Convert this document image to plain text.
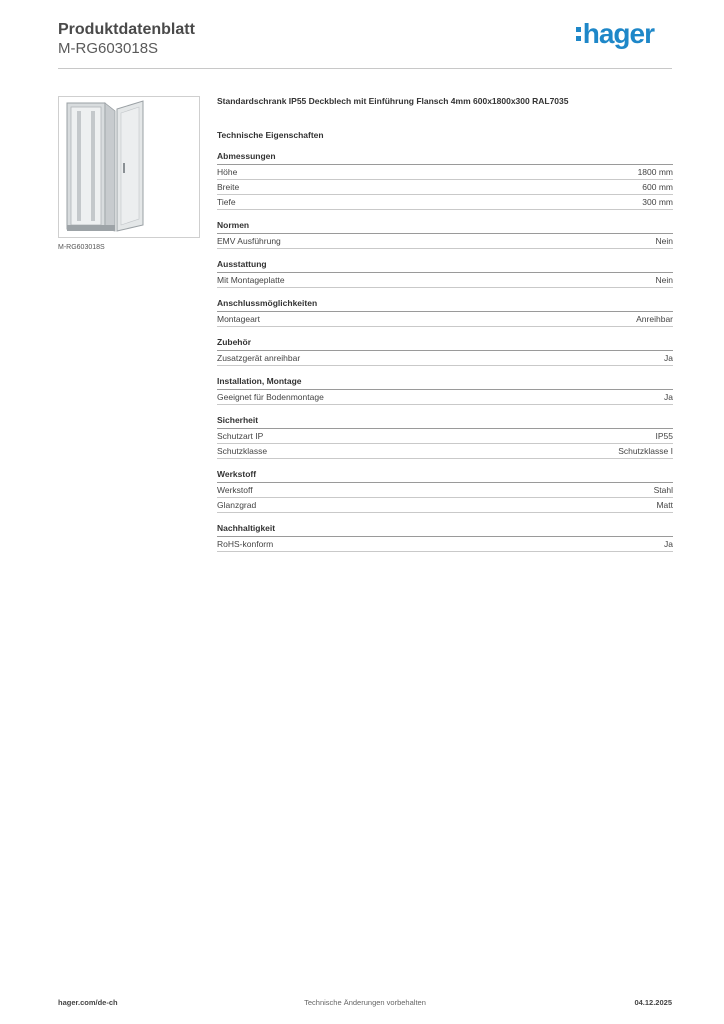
Produktdatenblatt
M-RG603018S	hager
M-RG603018S
Standardschrank IP55 Deckblech mit Einführung Flansch 4mm 600x1800x300 RAL7035
Technische Eigenschaften
Abmessungen
Höhe	1800 mm
Breite	600 mm
Tiefe	300 mm
Normen
EMV Ausführung	Nein
Ausstattung
Mit Montageplatte	Nein
Anschlussmöglichkeiten
Montageart	Anreihbar
Zubehör
Zusatzgerät anreihbar	Ja
Installation, Montage
Geeignet für Bodenmontage	Ja
Sicherheit
Schutzart IP	IP55
Schutzklasse	Schutzklasse I
Werkstoff
Werkstoff	Stahl
Glanzgrad	Matt
Nachhaltigkeit
RoHS-konform	Ja
hager.com/de-ch	Technische Änderungen vorbehalten	04.12.2025
